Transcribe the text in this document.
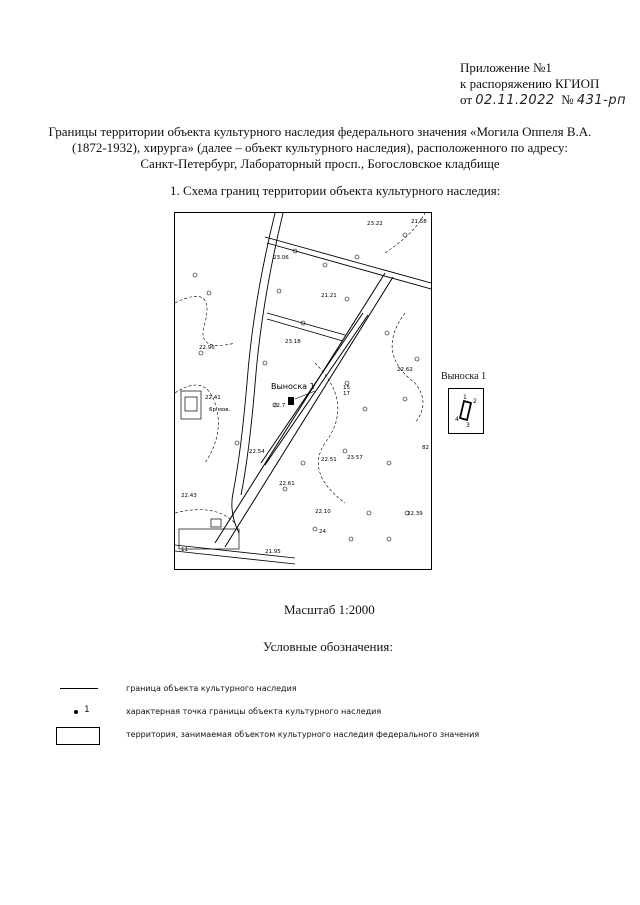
Приложение №1
к распоряжению КГИОП
от 02.11.2022 № 431-рп
Границы территории объекта культурного наследия федерального значения «Могила Оппеля В.А.
(1872-1932), хирурга» (далее – объект культурного наследия), расположенного по адресу:
Санкт-Петербург, Лабораторный просп., Богословское кладбище
1. Схема границ территории объекта культурного наследия:
23.22	21.58
23.06
21.21
22.96
23.18
22.62
22.41
22.7
23.57
22.54
22.51
22.61
22.43
22.10	22.39
21.95
24
15
17
82
11
6р.мов.
Выноска 1
Выноска 1
1
2
3
4
Масштаб 1:2000
Условные обозначения:
граница объекта культурного наследия
1	характерная точка границы объекта культурного наследия
территория, занимаемая объектом культурного наследия федерального значения
